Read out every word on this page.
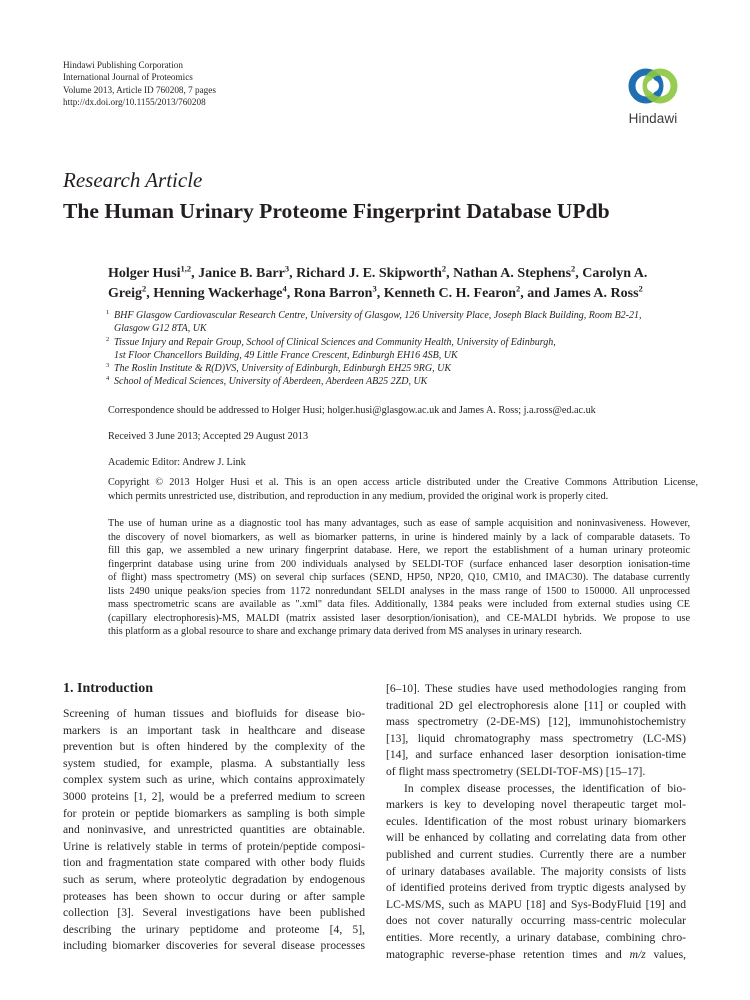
Hindawi Publishing Corporation
International Journal of Proteomics
Volume 2013, Article ID 760208, 7 pages
http://dx.doi.org/10.1155/2013/760208
Hindawi
Research Article
The Human Urinary Proteome Fingerprint Database UPdb
Holger Husi$^{1,2}$, Janice B. Barr$^3$, Richard J. E. Skipworth$^2$, Nathan A. Stephens$^2$, Carolyn A. Greig$^2$, Henning Wackerhage$^4$, Rona Barron$^3$, Kenneth C. H. Fearon$^2$, and James A. Ross$^2$
1 BHF Glasgow Cardiovascular Research Centre, University of Glasgow, 126 University Place, Joseph Black Building, Room B2-21,
Glasgow G12 8TA, UK
2 Tissue Injury and Repair Group, School of Clinical Sciences and Community Health, University of Edinburgh,
1st Floor Chancellors Building, 49 Little France Crescent, Edinburgh EH16 4SB, UK
3 The Roslin Institute & R(D)VS, University of Edinburgh, Edinburgh EH25 9RG, UK
4 School of Medical Sciences, University of Aberdeen, Aberdeen AB25 2ZD, UK
Correspondence should be addressed to Holger Husi; holger.husi@glasgow.ac.uk and James A. Ross; j.a.ross@ed.ac.uk
Received 3 June 2013; Accepted 29 August 2013
Academic Editor: Andrew J. Link
Copyright © 2013 Holger Husi et al. This is an open access article distributed under the Creative Commons Attribution License,
which permits unrestricted use, distribution, and reproduction in any medium, provided the original work is properly cited.
The use of human urine as a diagnostic tool has many advantages, such as ease of sample acquisition and noninvasiveness. However,
the discovery of novel biomarkers, as well as biomarker patterns, in urine is hindered mainly by a lack of comparable datasets. To
fill this gap, we assembled a new urinary fingerprint database. Here, we report the establishment of a human urinary proteomic
fingerprint database using urine from 200 individuals analysed by SELDI-TOF (surface enhanced laser desorption ionisation-time
of flight) mass spectrometry (MS) on several chip surfaces (SEND, HP50, NP20, Q10, CM10, and IMAC30). The database currently
lists 2490 unique peaks/ion species from 1172 nonredundant SELDI analyses in the mass range of 1500 to 150000. All unprocessed
mass spectrometric scans are available as ".xml" data files. Additionally, 1384 peaks were included from external studies using CE
(capillary electrophoresis)-MS, MALDI (matrix assisted laser desorption/ionisation), and CE-MALDI hybrids. We propose to use
this platform as a global resource to share and exchange primary data derived from MS analyses in urinary research.
1. Introduction
Screening of human tissues and biofluids for disease bio-
markers is an important task in healthcare and disease
prevention but is often hindered by the complexity of the
system studied, for example, plasma. A substantially less
complex system such as urine, which contains approximately
3000 proteins [1, 2], would be a preferred medium to screen
for protein or peptide biomarkers as sampling is both simple
and noninvasive, and unrestricted quantities are obtainable.
Urine is relatively stable in terms of protein/peptide composi-
tion and fragmentation state compared with other body fluids
such as serum, where proteolytic degradation by endogenous
proteases has been shown to occur during or after sample
collection [3]. Several investigations have been published
describing the urinary peptidome and proteome [4, 5],
including biomarker discoveries for several disease processes
[6–10]. These studies have used methodologies ranging from
traditional 2D gel electrophoresis alone [11] or coupled with
mass spectrometry (2-DE-MS) [12], immunohistochemistry
[13], liquid chromatography mass spectrometry (LC-MS)
[14], and surface enhanced laser desorption ionisation-time
of flight mass spectrometry (SELDI-TOF-MS) [15–17].
In complex disease processes, the identification of bio-
markers is key to developing novel therapeutic target mol-
ecules. Identification of the most robust urinary biomarkers
will be enhanced by collating and correlating data from other
published and current studies. Currently there are a number
of urinary databases available. The majority consists of lists
of identified proteins derived from tryptic digests analysed by
LC-MS/MS, such as MAPU [18] and Sys-BodyFluid [19] and
does not cover naturally occurring mass-centric molecular
entities. More recently, a urinary database, combining chro-
matographic reverse-phase retention times and m/z values,
